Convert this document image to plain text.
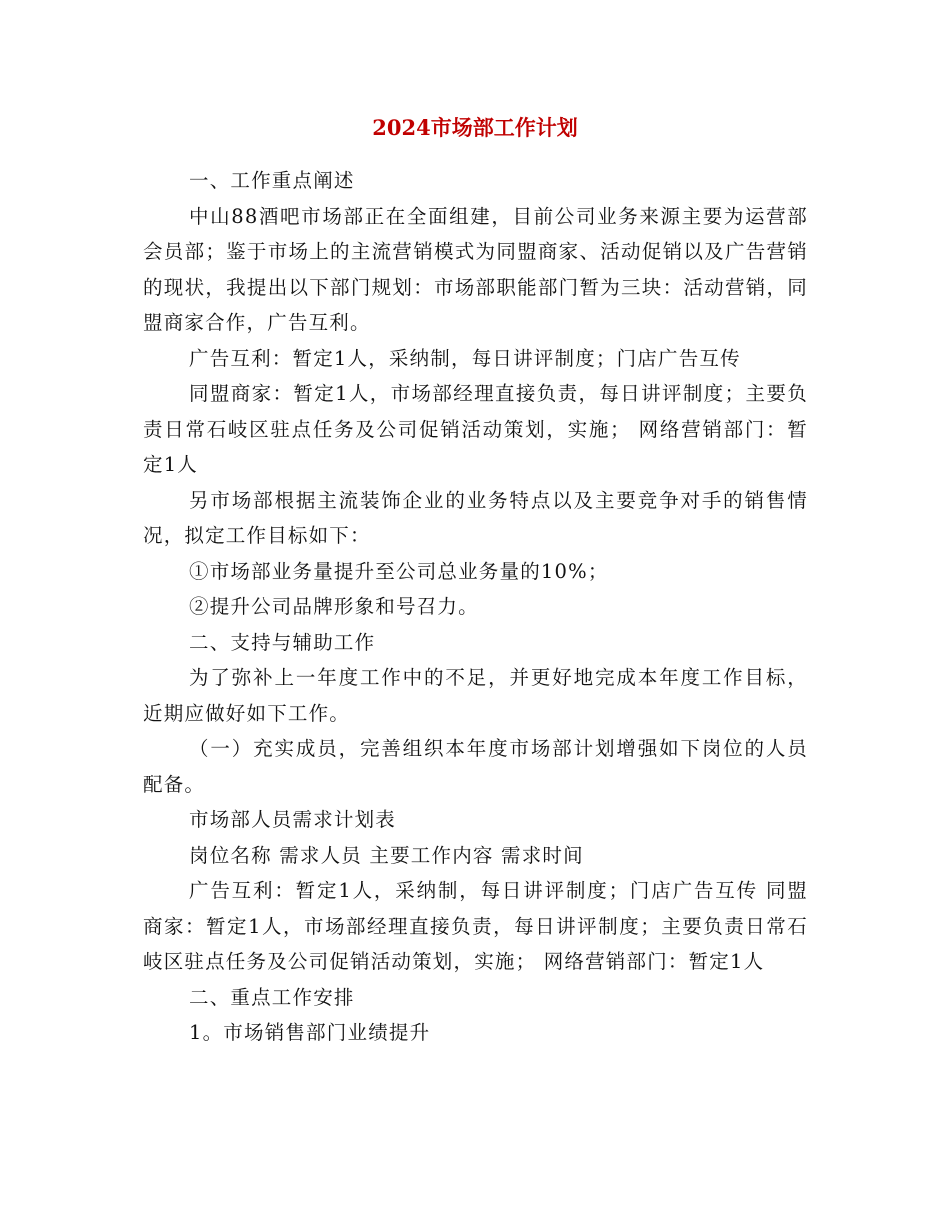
2024市场部工作计划

一、工作重点阐述

中山88酒吧市场部正在全面组建，目前公司业务来源主要为运营部会员部；鉴于市场上的主流营销模式为同盟商家、活动促销以及广告营销的现状，我提出以下部门规划：市场部职能部门暂为三块：活动营销，同盟商家合作，广告互利。

广告互利：暂定1人，采纳制，每日讲评制度；门店广告互传

同盟商家：暂定1人，市场部经理直接负责，每日讲评制度；主要负责日常石岐区驻点任务及公司促销活动策划，实施； 网络营销部门：暂定1人

另市场部根据主流装饰企业的业务特点以及主要竞争对手的销售情况，拟定工作目标如下：

①市场部业务量提升至公司总业务量的10%；

②提升公司品牌形象和号召力。

二、支持与辅助工作

为了弥补上一年度工作中的不足，并更好地完成本年度工作目标，近期应做好如下工作。

（一）充实成员，完善组织本年度市场部计划增强如下岗位的人员配备。

市场部人员需求计划表

岗位名称 需求人员 主要工作内容 需求时间

广告互利：暂定1人，采纳制，每日讲评制度；门店广告互传 同盟商家：暂定1人，市场部经理直接负责，每日讲评制度；主要负责日常石岐区驻点任务及公司促销活动策划，实施； 网络营销部门：暂定1人

二、重点工作安排

1。市场销售部门业绩提升
